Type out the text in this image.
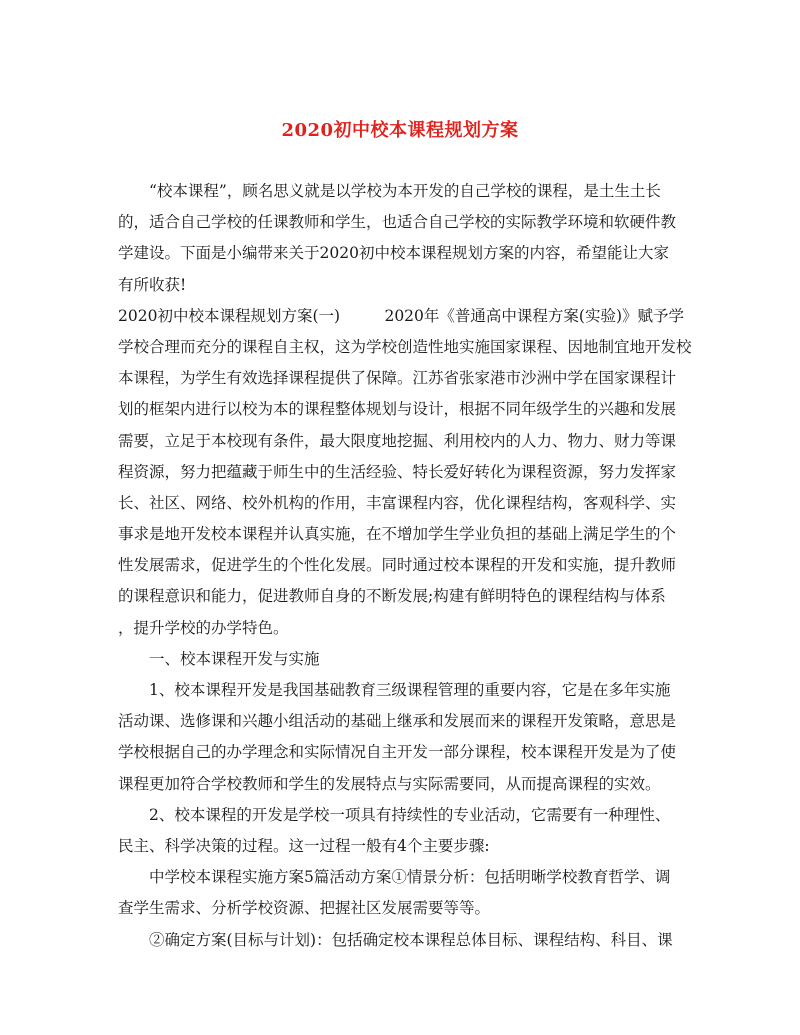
2020初中校本课程规划方案
“校本课程”，顾名思义就是以学校为本开发的自己学校的课程，是土生土长
的，适合自己学校的任课教师和学生，也适合自己学校的实际教学环境和软硬件教
学建设。下面是小编带来关于2020初中校本课程规划方案的内容，希望能让大家
有所收获!
2020初中校本课程规划方案(一)	2020年《普通高中课程方案(实验)》赋予学
学校合理而充分的课程自主权，这为学校创造性地实施国家课程、因地制宜地开发校
本课程，为学生有效选择课程提供了保障。江苏省张家港市沙洲中学在国家课程计
划的框架内进行以校为本的课程整体规划与设计，根据不同年级学生的兴趣和发展
需要，立足于本校现有条件，最大限度地挖掘、利用校内的人力、物力、财力等课
程资源，努力把蕴藏于师生中的生活经验、特长爱好转化为课程资源，努力发挥家
长、社区、网络、校外机构的作用，丰富课程内容，优化课程结构，客观科学、实
事求是地开发校本课程并认真实施，在不增加学生学业负担的基础上满足学生的个
性发展需求，促进学生的个性化发展。同时通过校本课程的开发和实施，提升教师
的课程意识和能力，促进教师自身的不断发展;构建有鲜明特色的课程结构与体系
，提升学校的办学特色。
一、校本课程开发与实施
1、校本课程开发是我国基础教育三级课程管理的重要内容，它是在多年实施
活动课、选修课和兴趣小组活动的基础上继承和发展而来的课程开发策略，意思是
学校根据自己的办学理念和实际情况自主开发一部分课程，校本课程开发是为了使
课程更加符合学校教师和学生的发展特点与实际需要同，从而提高课程的实效。
2、校本课程的开发是学校一项具有持续性的专业活动，它需要有一种理性、
民主、科学决策的过程。这一过程一般有4个主要步骤:
中学校本课程实施方案5篇活动方案①情景分析：包括明晰学校教育哲学、调
查学生需求、分析学校资源、把握社区发展需要等等。
②确定方案(目标与计划)：包括确定校本课程总体目标、课程结构、科目、课
